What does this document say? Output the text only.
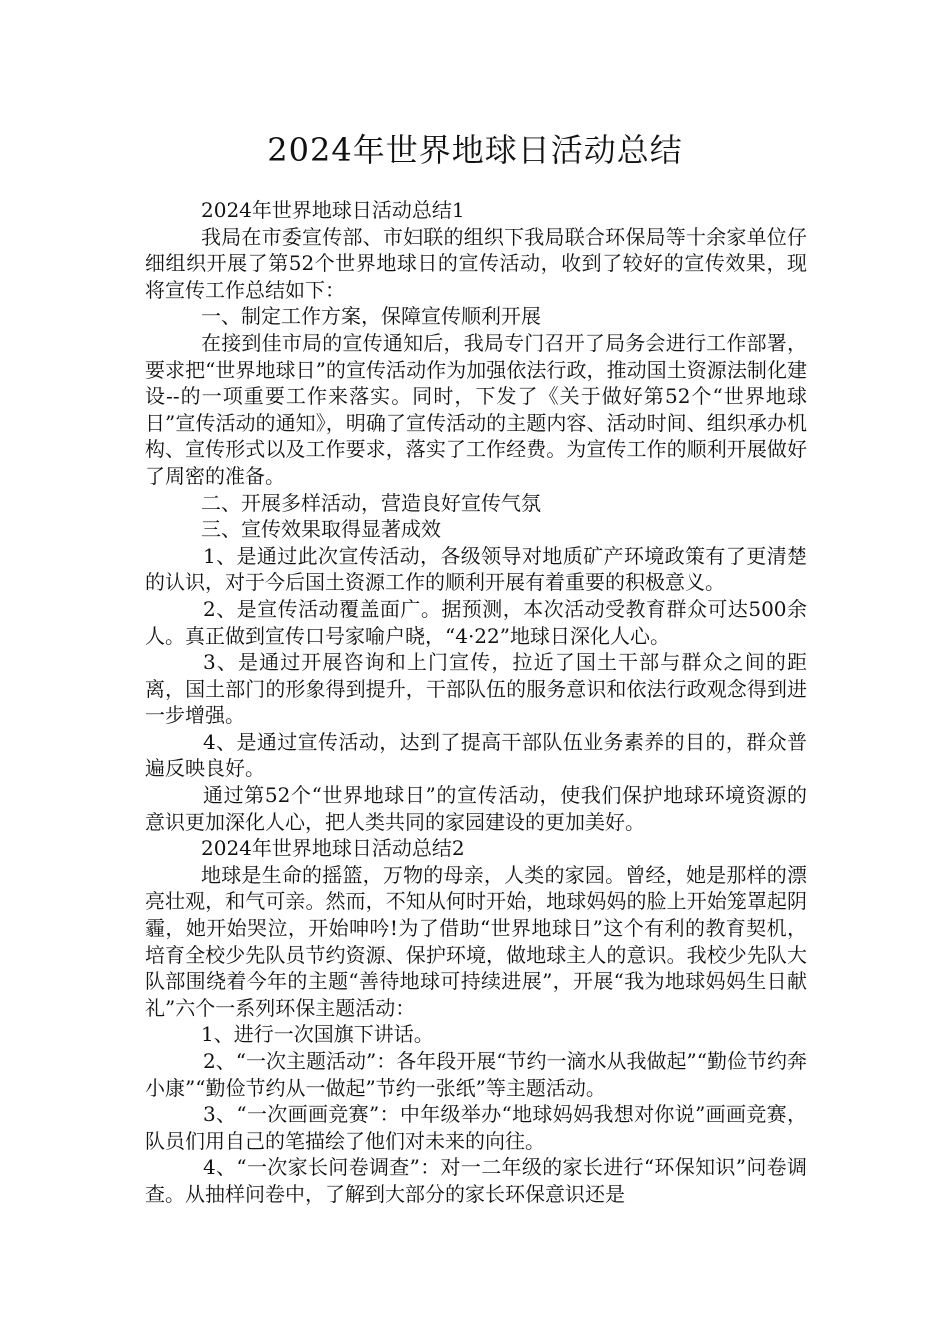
2024年世界地球日活动总结

2024年世界地球日活动总结1

我局在市委宣传部、市妇联的组织下我局联合环保局等十余家单位仔细组织开展了第52个世界地球日的宣传活动，收到了较好的宣传效果，现将宣传工作总结如下：

一、制定工作方案，保障宣传顺利开展

在接到佳市局的宣传通知后，我局专门召开了局务会进行工作部署，要求把“世界地球日”的宣传活动作为加强依法行政，推动国土资源法制化建设--的一项重要工作来落实。同时，下发了《关于做好第52个“世界地球日”宣传活动的通知》，明确了宣传活动的主题内容、活动时间、组织承办机构、宣传形式以及工作要求，落实了工作经费。为宣传工作的顺利开展做好了周密的准备。

二、开展多样活动，营造良好宣传气氛

三、宣传效果取得显著成效

1、是通过此次宣传活动，各级领导对地质矿产环境政策有了更清楚的认识，对于今后国土资源工作的顺利开展有着重要的积极意义。

2、是宣传活动覆盖面广。据预测，本次活动受教育群众可达500余人。真正做到宣传口号家喻户晓，“4·22”地球日深化人心。

3、是通过开展咨询和上门宣传，拉近了国土干部与群众之间的距离，国土部门的形象得到提升，干部队伍的服务意识和依法行政观念得到进一步增强。

4、是通过宣传活动，达到了提高干部队伍业务素养的目的，群众普遍反映良好。

通过第52个“世界地球日”的宣传活动，使我们保护地球环境资源的意识更加深化人心，把人类共同的家园建设的更加美好。

2024年世界地球日活动总结2

地球是生命的摇篮，万物的母亲，人类的家园。曾经，她是那样的漂亮壮观，和气可亲。然而，不知从何时开始，地球妈妈的脸上开始笼罩起阴霾，她开始哭泣，开始呻吟!为了借助“世界地球日”这个有利的教育契机，培育全校少先队员节约资源、保护环境，做地球主人的意识。我校少先队大队部围绕着今年的主题“善待地球可持续进展”，开展“我为地球妈妈生日献礼”六个一系列环保主题活动：

1、进行一次国旗下讲话。

2、“一次主题活动”：各年段开展“节约一滴水从我做起”“勤俭节约奔小康”“勤俭节约从一做起”节约一张纸”等主题活动。

3、“一次画画竞赛”：中年级举办“地球妈妈我想对你说”画画竞赛，队员们用自己的笔描绘了他们对未来的向往。

4、“一次家长问卷调查”：对一二年级的家长进行“环保知识”问卷调查。从抽样问卷中，了解到大部分的家长环保意识还是
